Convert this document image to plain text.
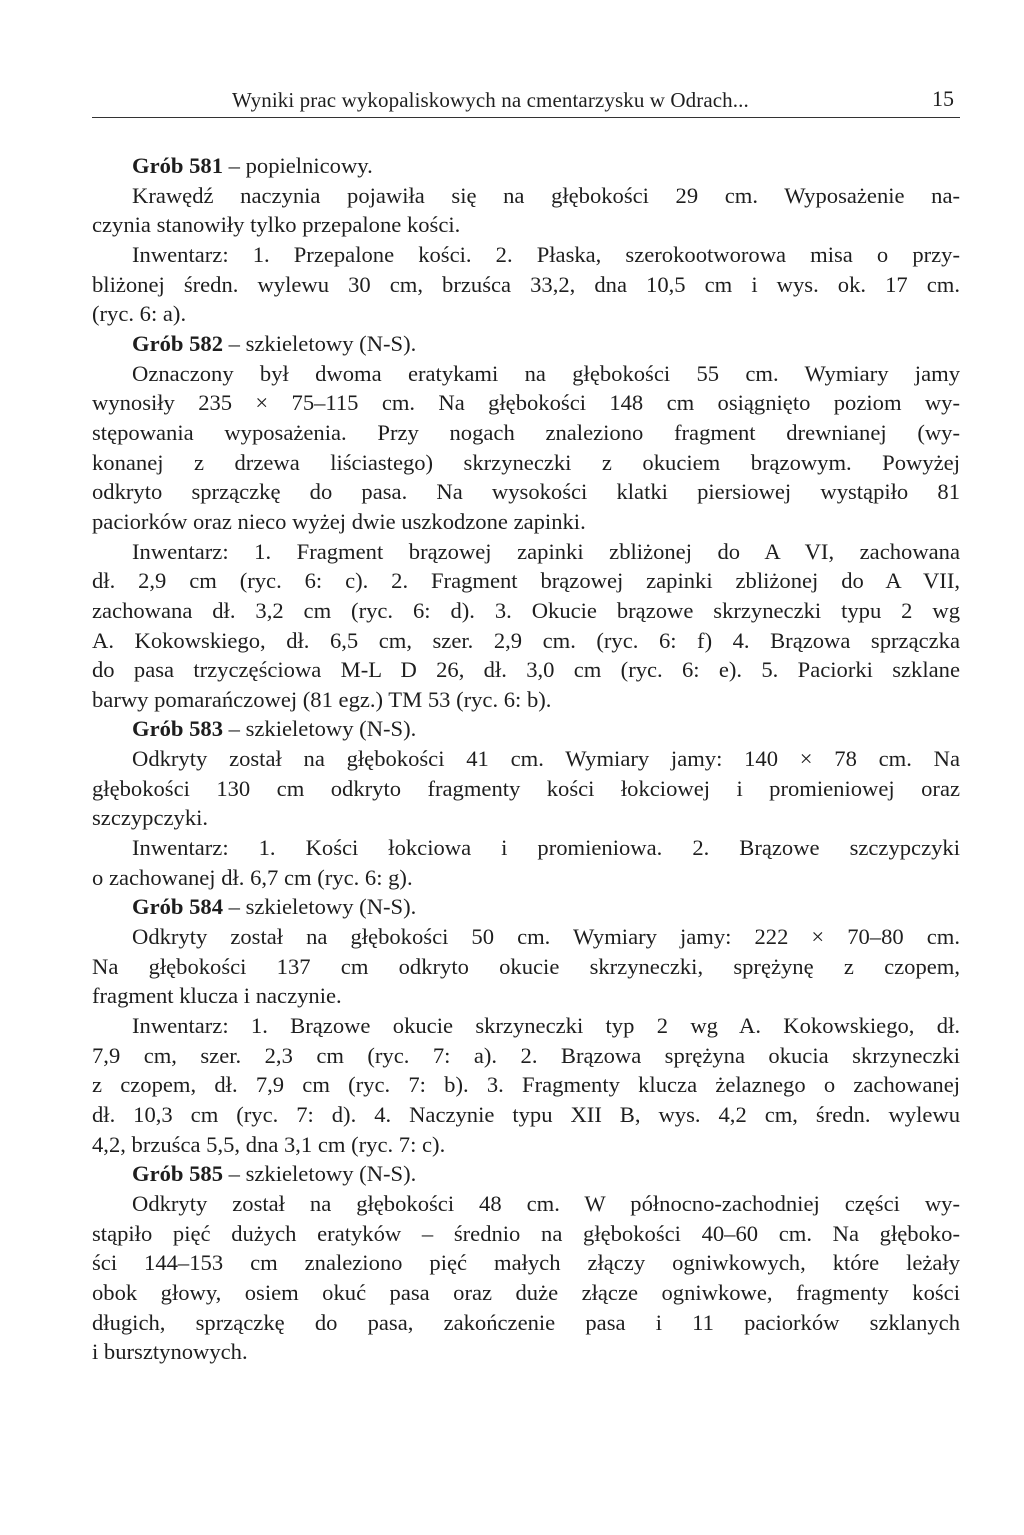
Wyniki prac wykopaliskowych na cmentarzysku w Odrach...	15

Grób 581 – popielnicowy.

Krawędź naczynia pojawiła się na głębokości 29 cm. Wyposażenie na-

czynia stanowiły tylko przepalone kości.

Inwentarz: 1. Przepalone kości. 2. Płaska, szerokootworowa misa o przy-

bliżonej średn. wylewu 30 cm, brzuśca 33,2, dna 10,5 cm i wys. ok. 17 cm.

(ryc. 6: a).

Grób 582 – szkieletowy (N-S).

Oznaczony był dwoma eratykami na głębokości 55 cm. Wymiary jamy

wynosiły 235 × 75–115 cm. Na głębokości 148 cm osiągnięto poziom wy-

stępowania wyposażenia. Przy nogach znaleziono fragment drewnianej (wy-

konanej z drzewa liściastego) skrzyneczki z okuciem brązowym. Powyżej

odkryto sprzączkę do pasa. Na wysokości klatki piersiowej wystąpiło 81

paciorków oraz nieco wyżej dwie uszkodzone zapinki.

Inwentarz: 1. Fragment brązowej zapinki zbliżonej do A VI, zachowana

dł. 2,9 cm (ryc. 6: c). 2. Fragment brązowej zapinki zbliżonej do A VII,

zachowana dł. 3,2 cm (ryc. 6: d). 3. Okucie brązowe skrzyneczki typu 2 wg

A. Kokowskiego, dł. 6,5 cm, szer. 2,9 cm. (ryc. 6: f) 4. Brązowa sprzączka

do pasa trzyczęściowa M-L D 26, dł. 3,0 cm (ryc. 6: e). 5. Paciorki szklane

barwy pomarańczowej (81 egz.) TM 53 (ryc. 6: b).

Grób 583 – szkieletowy (N-S).

Odkryty został na głębokości 41 cm. Wymiary jamy: 140 × 78 cm. Na

głębokości 130 cm odkryto fragmenty kości łokciowej i promieniowej oraz

szczypczyki.

Inwentarz: 1. Kości łokciowa i promieniowa. 2. Brązowe szczypczyki

o zachowanej dł. 6,7 cm (ryc. 6: g).

Grób 584 – szkieletowy (N-S).

Odkryty został na głębokości 50 cm. Wymiary jamy: 222 × 70–80 cm.

Na głębokości 137 cm odkryto okucie skrzyneczki, sprężynę z czopem,

fragment klucza i naczynie.

Inwentarz: 1. Brązowe okucie skrzyneczki typ 2 wg A. Kokowskiego, dł.

7,9 cm, szer. 2,3 cm (ryc. 7: a). 2. Brązowa sprężyna okucia skrzyneczki

z czopem, dł. 7,9 cm (ryc. 7: b). 3. Fragmenty klucza żelaznego o zachowanej

dł. 10,3 cm (ryc. 7: d). 4. Naczynie typu XII B, wys. 4,2 cm, średn. wylewu

4,2, brzuśca 5,5, dna 3,1 cm (ryc. 7: c).

Grób 585 – szkieletowy (N-S).

Odkryty został na głębokości 48 cm. W północno-zachodniej części wy-

stąpiło pięć dużych eratyków – średnio na głębokości 40–60 cm. Na głęboko-

ści 144–153 cm znaleziono pięć małych złączy ogniwkowych, które leżały

obok głowy, osiem okuć pasa oraz duże złącze ogniwkowe, fragmenty kości

długich, sprzączkę do pasa, zakończenie pasa i 11 paciorków szklanych

i bursztynowych.
